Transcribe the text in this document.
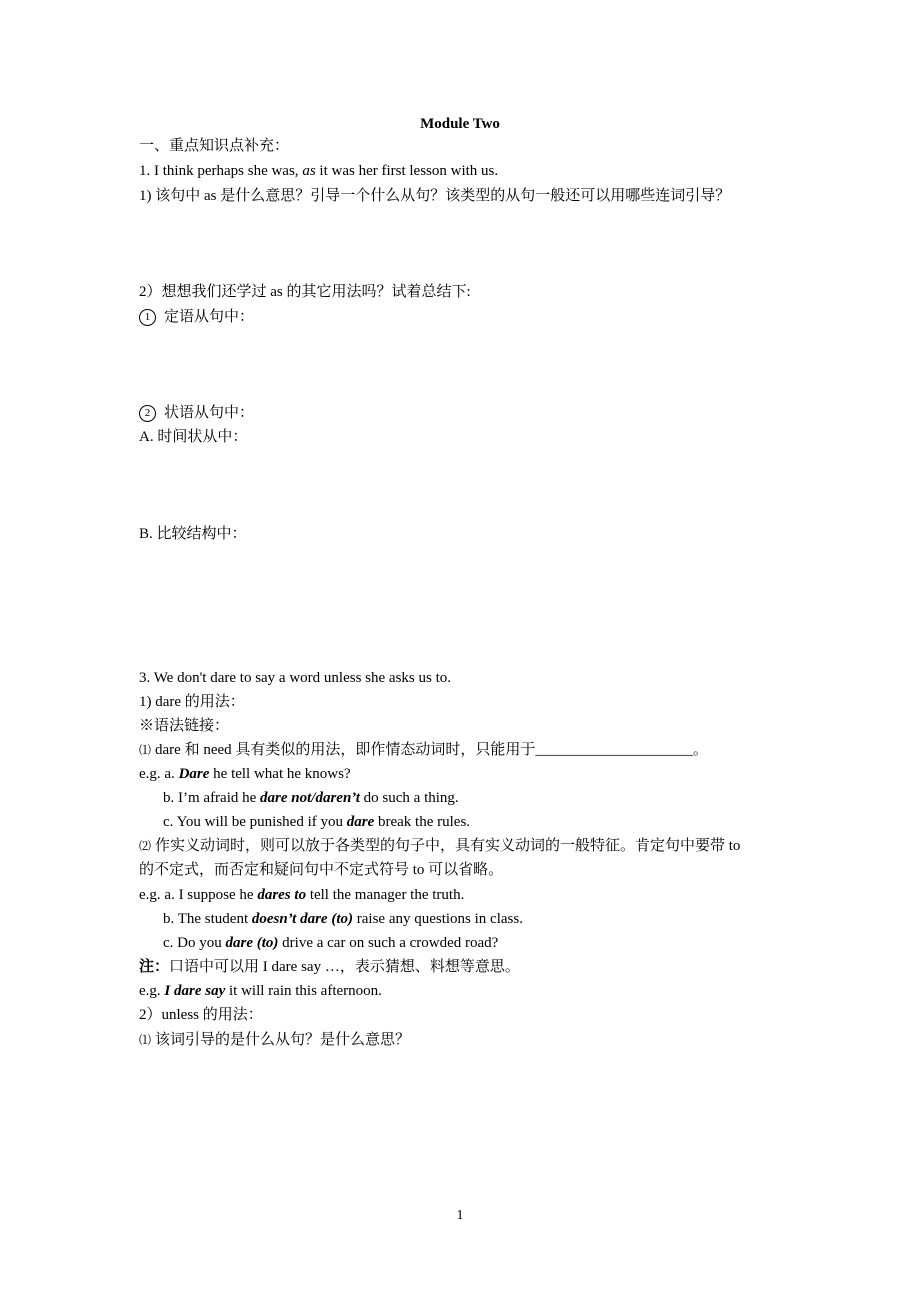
Module Two
一、重点知识点补充：
1. I think perhaps she was, as it was her first lesson with us.
1) 该句中 as 是什么意思？引导一个什么从句？该类型的从句一般还可以用哪些连词引导？
2）想想我们还学过 as 的其它用法吗？试着总结下:
1 定语从句中：
2 状语从句中：
A. 时间状从中：
B. 比较结构中：
3. We don't dare to say a word unless she asks us to.
1) dare 的用法：
※语法链接：
⑴ dare 和 need 具有类似的用法，即作情态动词时，只能用于_____________________。
e.g. a. Dare he tell what he knows?
b. I’m afraid he dare not/daren’t do such a thing.
c. You will be punished if you dare break the rules.
⑵ 作实义动词时，则可以放于各类型的句子中，具有实义动词的一般特征。肯定句中要带 to
的不定式，而否定和疑问句中不定式符号 to 可以省略。
e.g. a. I suppose he dares to tell the manager the truth.
b. The student doesn’t dare (to) raise any questions in class.
c. Do you dare (to) drive a car on such a crowded road?
注：口语中可以用 I dare say …，表示猜想、料想等意思。
e.g. I dare say it will rain this afternoon.
2）unless 的用法：
⑴ 该词引导的是什么从句？是什么意思？
1
